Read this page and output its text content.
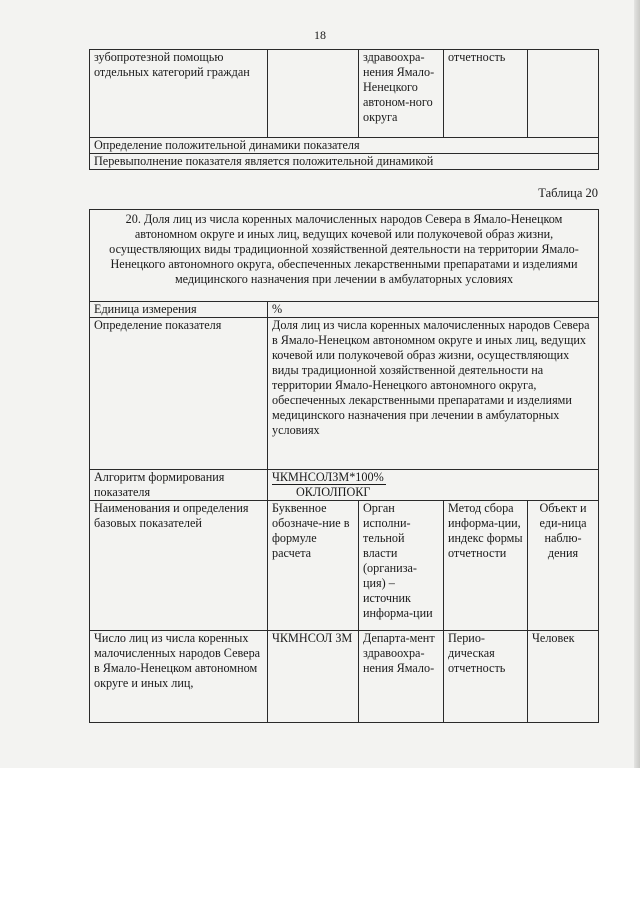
18
зубопротезной помощью отдельных категорий граждан		здравоохра-нения Ямало-Ненецкого автоном-ного округа	отчетность	
Определение положительной динамики показателя
Перевыполнение показателя является положительной динамикой
Таблица 20
20. Доля лиц из числа коренных малочисленных народов Севера в Ямало-Ненецком автономном округе и иных лиц, ведущих кочевой или полукочевой образ жизни, осуществляющих виды традиционной хозяйственной деятельности на территории Ямало-Ненецкого автономного округа, обеспеченных лекарственными препаратами и изделиями медицинского назначения при лечении в амбулаторных условиях				
Единица измерения	%			
Определение показателя	Доля лиц из числа коренных малочисленных народов Севера в Ямало-Ненецком автономном округе и иных лиц, ведущих кочевой или полукочевой образ жизни, осуществляющих виды традиционной хозяйственной деятельности на территории Ямало-Ненецкого автономного округа, обеспеченных лекарственными препаратами и изделиями медицинского назначения при лечении в амбулаторных условиях			
Алгоритм формирования показателя	ЧКМНСОЛЗМ*100%
ОКЛОЛПОКГ			

Наименования и определения базовых показателей	Буквенное обозначе-ние в формуле расчета	Орган исполни-тельной власти (организа-ция) – источник информа-ции	Метод сбора информа-ции, индекс формы отчетности	Объект и еди-ница наблю-дения
Число лиц из числа коренных малочисленных народов Севера в Ямало-Ненецком автономном округе и иных лиц,	ЧКМНСОЛ ЗМ	Департа-мент здравоохра-нения Ямало-	Перио-дическая отчетность	Человек
